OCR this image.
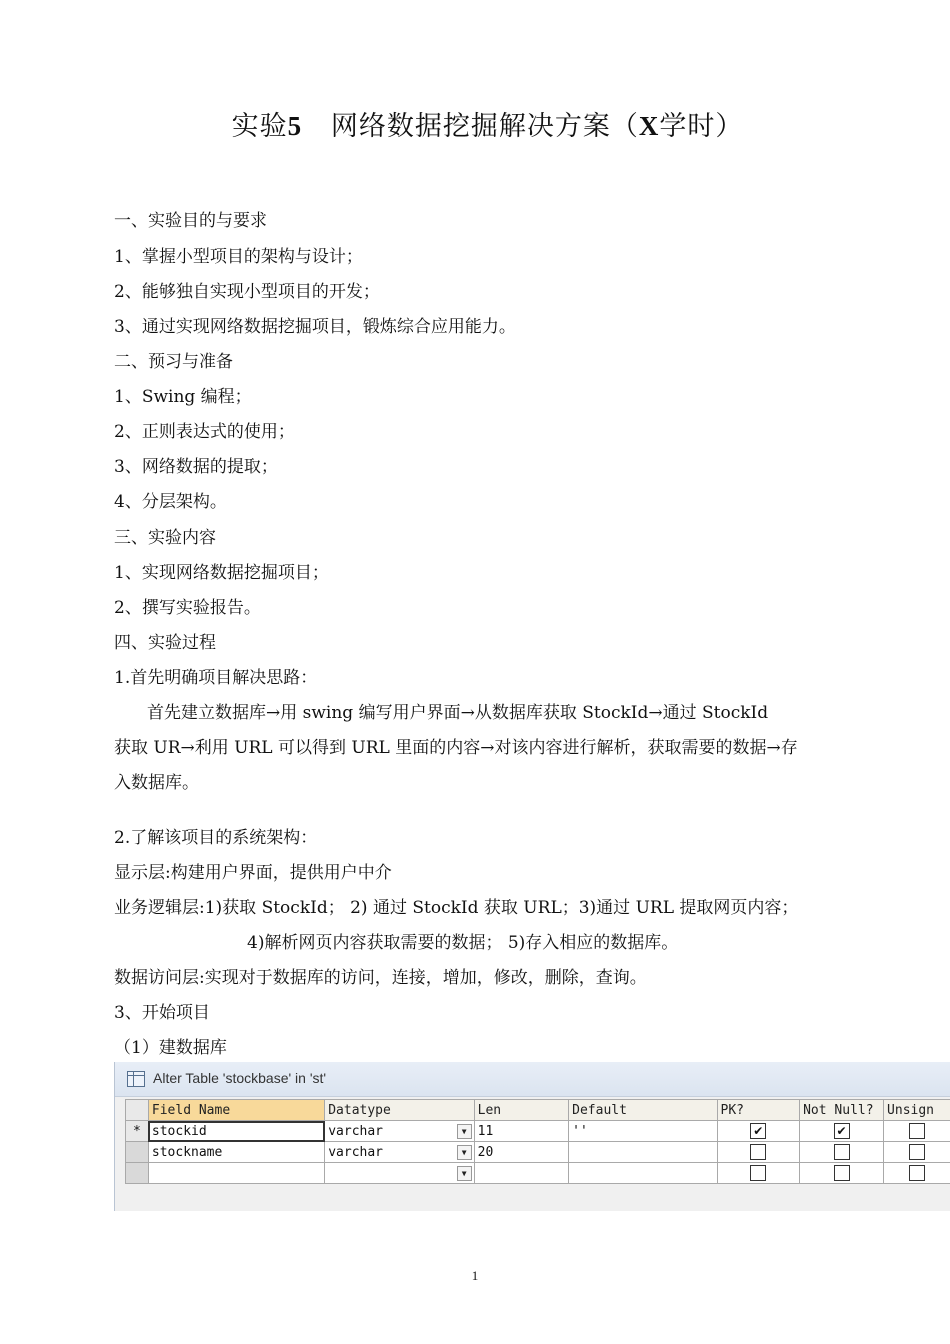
实验5 网络数据挖掘解决方案（X学时）
一、实验目的与要求
1、掌握小型项目的架构与设计；
2、能够独自实现小型项目的开发；
3、通过实现网络数据挖掘项目，锻炼综合应用能力。
二、预习与准备
1、Swing 编程；
2、正则表达式的使用；
3、网络数据的提取；
4、分层架构。
三、实验内容
1、实现网络数据挖掘项目；
2、撰写实验报告。
四、实验过程
1.首先明确项目解决思路：
首先建立数据库→用 swing 编写用户界面→从数据库获取 StockId→通过 StockId
获取 UR→利用 URL 可以得到 URL 里面的内容→对该内容进行解析，获取需要的数据→存
入数据库。
2.了解该项目的系统架构：
显示层:构建用户界面，提供用户中介
业务逻辑层:1)获取 StockId； 2) 通过 StockId 获取 URL；3)通过 URL 提取网页内容；
4)解析网页内容获取需要的数据； 5)存入相应的数据库。
数据访问层:实现对于数据库的访问，连接，增加，修改，删除，查询。
3、开始项目
（1）建数据库
Alter Table 'stockbase' in 'st'
	Field Name	Datatype	Len	Default	PK?	Not Null?	Unsign
*	stockid	varchar ▼	11	''	✔	✔	
	stockname	varchar ▼	20				

		▼					

1
